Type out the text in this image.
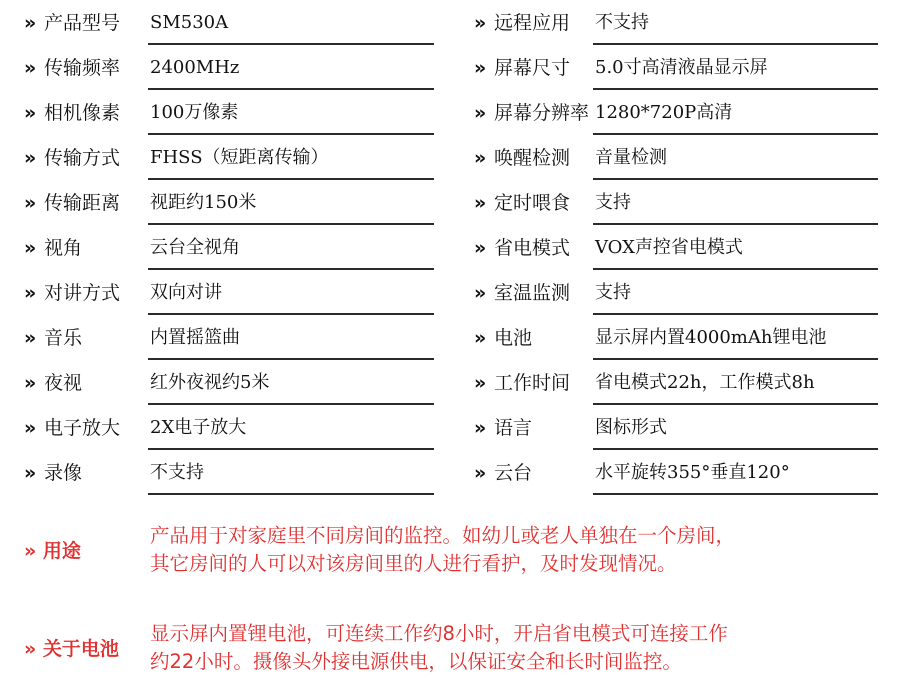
» 产品型号 SM530A
» 传输频率 2400MHz
» 相机像素 100万像素
» 传输方式 FHSS（短距离传输）
» 传输距离 视距约150米
» 视角	云台全视角
» 对讲方式 双向对讲
» 音乐	内置摇篮曲
» 夜视	红外夜视约5米
» 电子放大 2X电子放大
» 录像	不支持
» 远程应用 不支持
» 屏幕尺寸 5.0寸高清液晶显示屏
» 屏幕分辨率 1280*720P高清
» 唤醒检测 音量检测
» 定时喂食 支持
» 省电模式 VOX声控省电模式
» 室温监测 支持
» 电池	显示屏内置4000mAh锂电池
» 工作时间 省电模式22h，工作模式8h
» 语言	图标形式
» 云台	水平旋转355°垂直120°
» 用途
产品用于对家庭里不同房间的监控。如幼儿或老人单独在一个房间，
其它房间的人可以对该房间里的人进行看护，及时发现情况。
» 关于电池
显示屏内置锂电池，可连续工作约8小时，开启省电模式可连接工作
约22小时。摄像头外接电源供电，以保证安全和长时间监控。
